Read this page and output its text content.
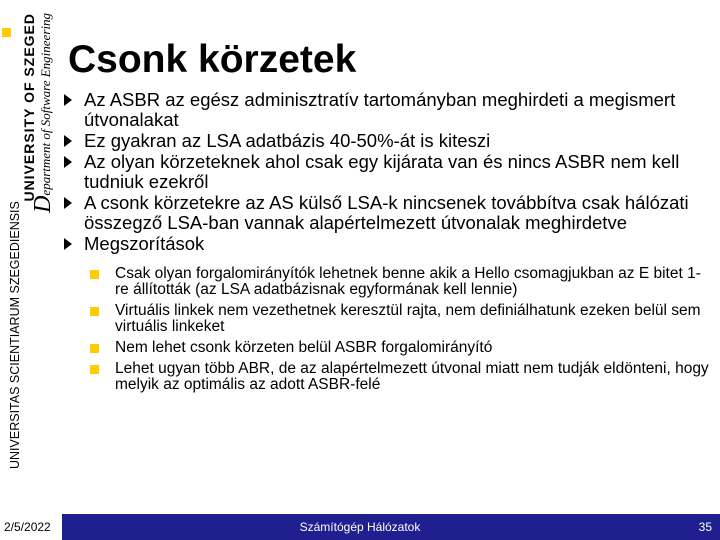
UNIVERSITAS SCIENTIARUM SZEGEDIENSIS
UNIVERSITY OF SZEGED
Department of Software Engineering Csonk körzetek
Az ASBR az egész adminisztratív tartományban meghirdeti a megismert útvonalakat
Ez gyakran az LSA adatbázis 40-50%-át is kiteszi
Az olyan körzeteknek ahol csak egy kijárata van és nincs ASBR nem kell tudniuk ezekről
A csonk körzetekre az AS külső LSA-k nincsenek továbbítva csak hálózati összegző LSA-ban vannak alapértelmezett útvonalak meghirdetve
Megszorítások
Csak olyan forgalomirányítók lehetnek benne akik a Hello csomagjukban az E bitet 1-re állították (az LSA adatbázisnak egyformának kell lennie)
Virtuális linkek nem vezethetnek keresztül rajta, nem definiálhatunk ezeken belül sem virtuális linkeket
Nem lehet csonk körzeten belül ASBR forgalomirányító
Lehet ugyan több ABR, de az alapértelmezett útvonal miatt nem tudják eldönteni, hogy melyik az optimális az adott ASBR-felé
Számítógép Hálózatok
2/5/2022	35
